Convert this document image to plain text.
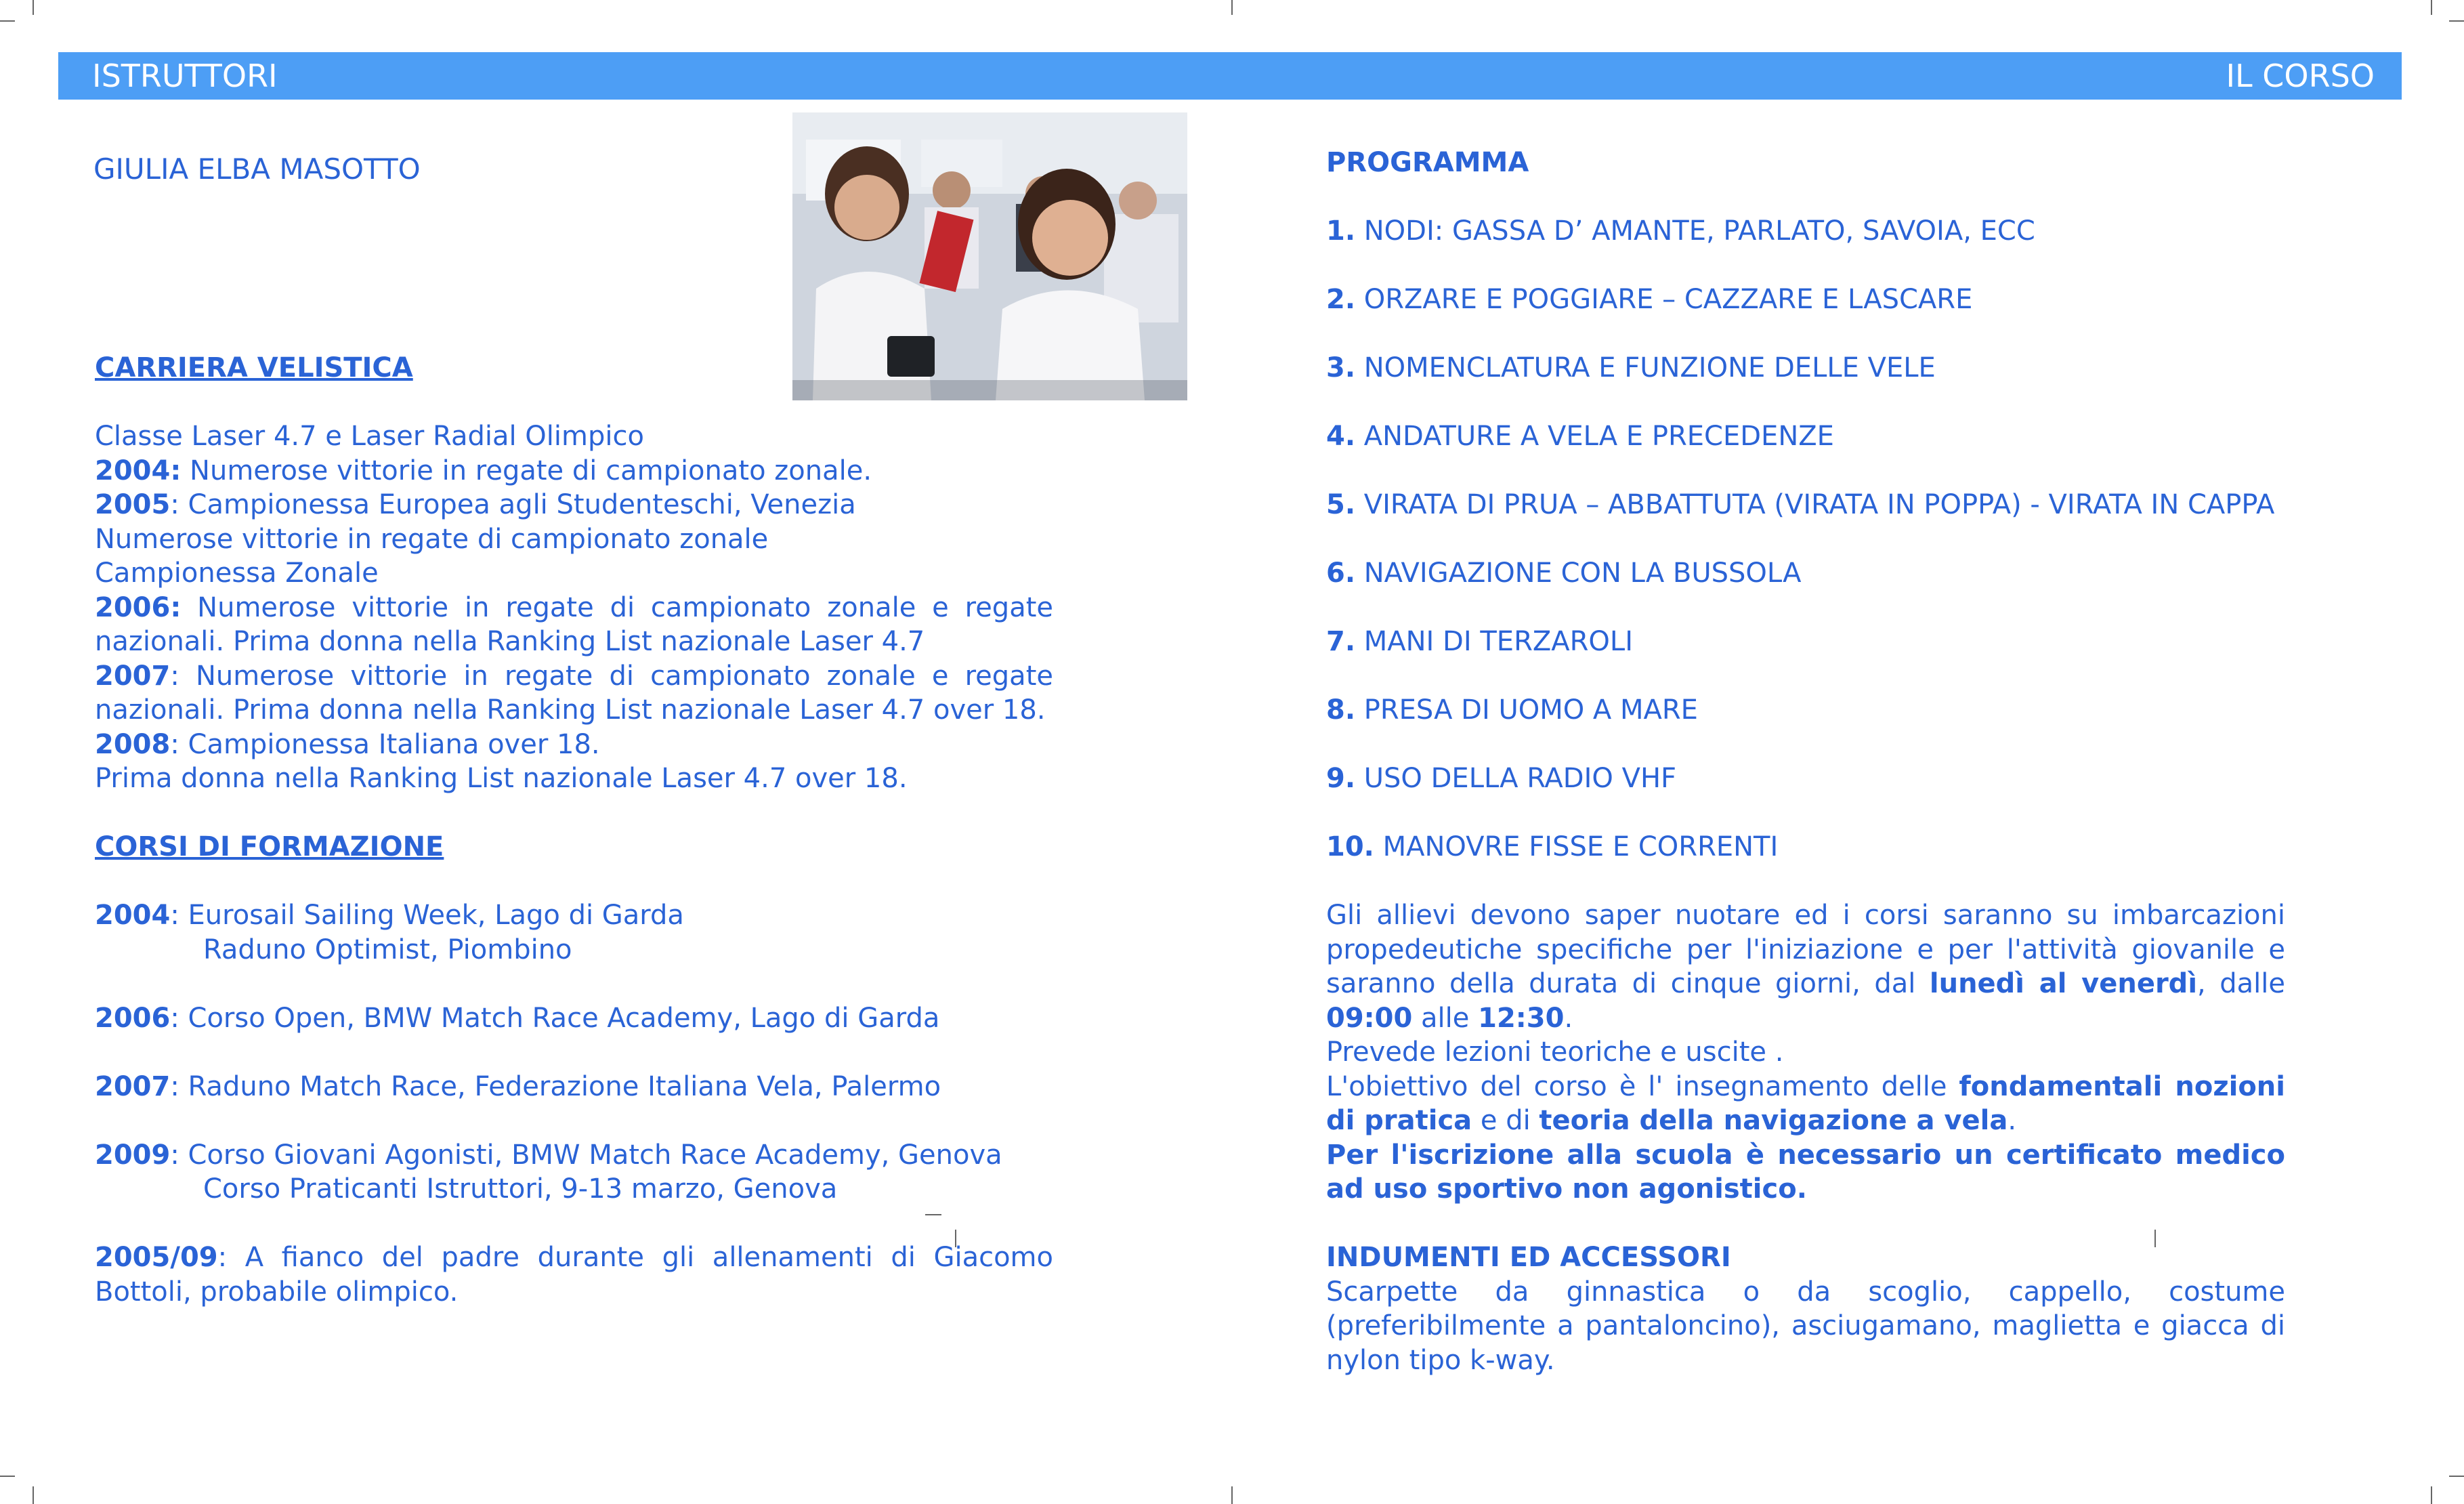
ISTRUTTORI	IL CORSO
GIULIA ELBA MASOTTO

CARRIERA VELISTICA

Classe Laser 4.7 e Laser Radial Olimpico

2004: Numerose vittorie in regate di campionato zonale.

2005: Campionessa Europea agli Studenteschi, Venezia

Numerose vittorie in regate di campionato zonale

Campionessa Zonale

2006: Numerose vittorie in regate di campionato zonale e regate nazionali. Prima donna nella Ranking List nazionale Laser 4.7

2007: Numerose vittorie in regate di campionato zonale e regate nazionali. Prima donna nella Ranking List nazionale Laser 4.7 over 18.

2008: Campionessa Italiana over 18.

Prima donna nella Ranking List nazionale Laser 4.7 over 18.

CORSI DI FORMAZIONE

2004: Eurosail Sailing Week, Lago di Garda

Raduno Optimist, Piombino

2006: Corso Open, BMW Match Race Academy, Lago di Garda

2007: Raduno Match Race, Federazione Italiana Vela, Palermo

2009: Corso Giovani Agonisti, BMW Match Race Academy, Genova

Corso Praticanti Istruttori, 9-13 marzo, Genova

2005/09: A fianco del padre durante gli allenamenti di Giacomo Bottoli, probabile olimpico.

PROGRAMMA

1. NODI: GASSA D’ AMANTE, PARLATO, SAVOIA, ECC

2. ORZARE E POGGIARE – CAZZARE E LASCARE

3. NOMENCLATURA E FUNZIONE DELLE VELE

4. ANDATURE A VELA E PRECEDENZE

5. VIRATA DI PRUA – ABBATTUTA (VIRATA IN POPPA) - VIRATA IN CAPPA

6. NAVIGAZIONE CON LA BUSSOLA

7. MANI DI TERZAROLI

8. PRESA DI UOMO A MARE

9. USO DELLA RADIO VHF

10. MANOVRE FISSE E CORRENTI

Gli allievi devono saper nuotare ed i corsi saranno su imbarcazioni propedeutiche specifiche per l'iniziazione e per l'attività giovanile e saranno della durata di cinque giorni, dal lunedì al venerdì, dalle 09:00 alle 12:30.

Prevede lezioni teoriche e uscite .

L'obiettivo del corso è l' insegnamento delle fondamentali nozioni di pratica e di teoria della navigazione a vela.

Per l'iscrizione alla scuola è necessario un certificato medico ad uso sportivo non agonistico.

INDUMENTI ED ACCESSORI

Scarpette da ginnastica o da scoglio, cappello, costume (preferibilmente a pantaloncino), asciugamano, maglietta e giacca di nylon tipo k-way.
